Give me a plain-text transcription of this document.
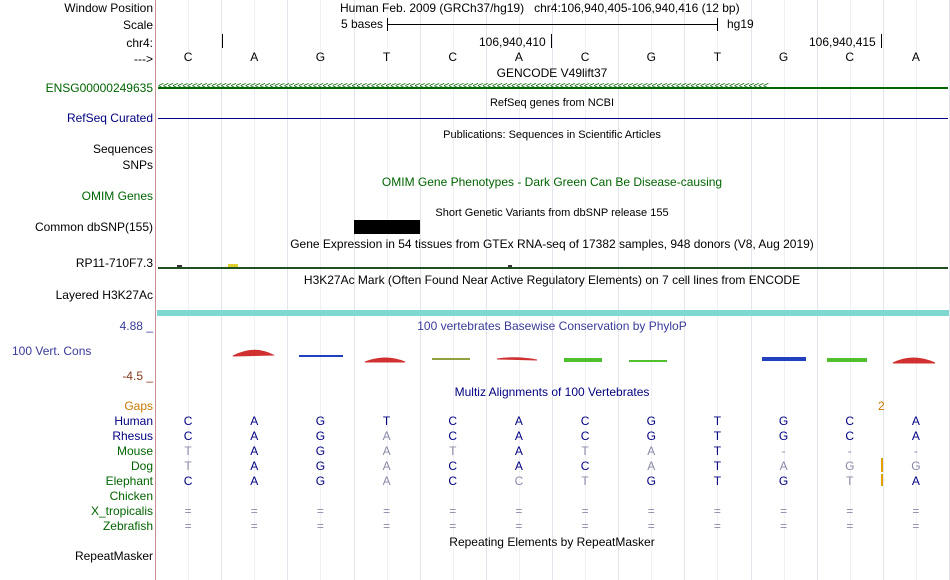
Window Position	Human Feb. 2009 (GRCh37/hg19)   chr4:106,940,405-106,940,416 (12 bp)
Scale	5 bases	hg19
chr4:	106,940,410	106,940,415
--->	C	A	G	T	C	A	C	G	T	G	C	A
GENCODE V49lift37
ENSG00000249635 <<<<<<<<<<<<<<<<<<<<<<<<<<<<<<<<<<<<<<<<<<<<<<<<<<<<<<<<<<<<<<<<<<<<<<<<<<<<<<<<<<<<<<<<<<<<<<<<<<<<<<<<<<<<<<<<<<<<<<<<<<<<<<
RefSeq genes from NCBI
RefSeq Curated
Publications: Sequences in Scientific Articles
Sequences
SNPs
OMIM Gene Phenotypes - Dark Green Can Be Disease-causing
OMIM Genes
Short Genetic Variants from dbSNP release 155
Common dbSNP(155)
Gene Expression in 54 tissues from GTEx RNA-seq of 17382 samples, 948 donors (V8, Aug 2019)
RP11-710F7.3
H3K27Ac Mark (Often Found Near Active Regulatory Elements) on 7 cell lines from ENCODE
Layered H3K27Ac
100 vertebrates Basewise Conservation by PhyloP
4.88 _
100 Vert. Cons
-4.5 _
Multiz Alignments of 100 Vertebrates
Gaps	2
Human	C	A	G	T	C	A	C	G	T	G	C	A
Rhesus	C	A	G	A	C	A	C	G	T	G	C	A
Mouse	T	A	G	A	T	A	T	A	T	-	-	-
Dog	T	A	G	A	C	A	C	A	T	A	G	G
Elephant	C	A	G	A	C	C	T	G	T	G	T	A
Chicken
X_tropicalis	=	=	=	=	=	=	=	=	=	=	=	=
Zebrafish	=	=	=	=	=	=	=	=	=	=	=	=
Repeating Elements by RepeatMasker
RepeatMasker
